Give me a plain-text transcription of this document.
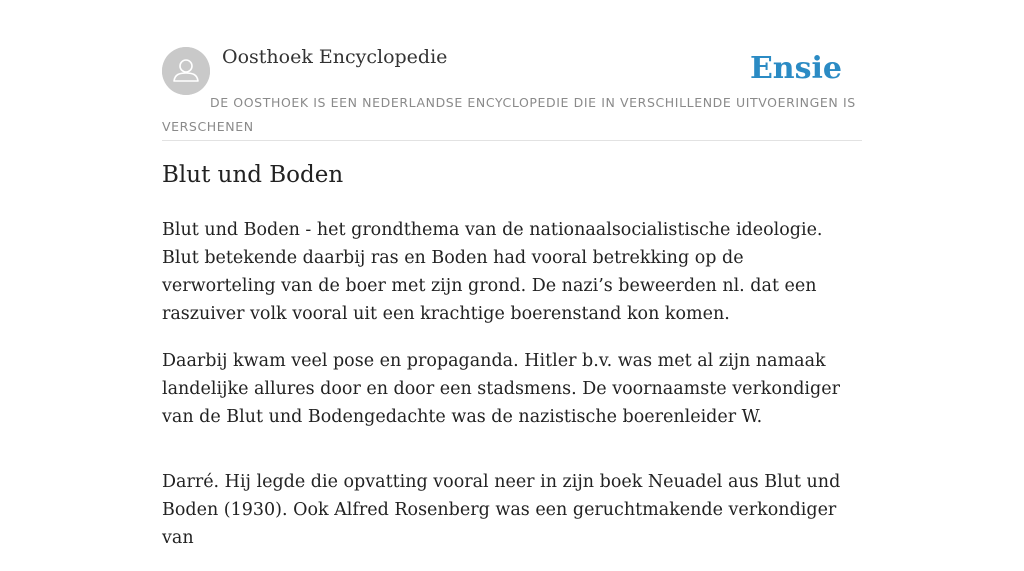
Oosthoek Encyclopedie	Ensie
DE OOSTHOEK IS EEN NEDERLANDSE ENCYCLOPEDIE DIE IN VERSCHILLENDE UITVOERINGEN IS VERSCHENEN
Blut und Boden

Blut und Boden - het grondthema van de nationaalsocialistische ideologie. Blut betekende daarbij ras en Boden had vooral betrekking op de verworteling van de boer met zijn grond. De nazi’s beweerden nl. dat een raszuiver volk vooral uit een krachtige boerenstand kon komen.

Daarbij kwam veel pose en propaganda. Hitler b.v. was met al zijn namaak landelijke allures door en door een stadsmens. De voornaamste verkondiger van de Blut und Bodengedachte was de nazistische boerenleider W.

Darré. Hij legde die opvatting vooral neer in zijn boek Neuadel aus Blut und Boden (1930). Ook Alfred Rosenberg was een geruchtmakende verkondiger van
